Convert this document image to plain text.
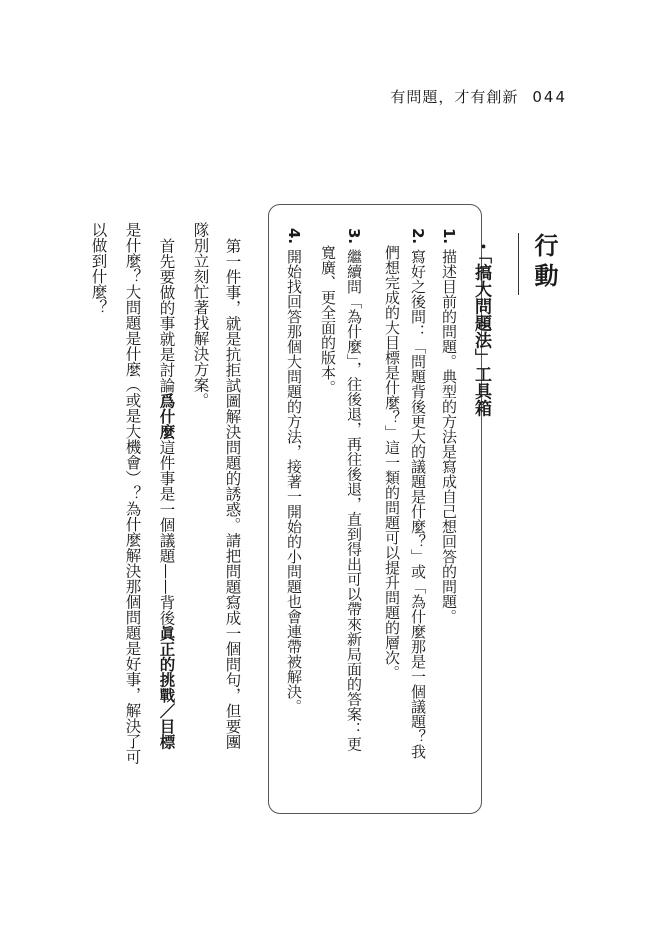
有問題，才有創新 044
行動
・「搞大問題法」工具箱
1. 描述目前的問題。典型的方法是寫成自己想回答的問題。
2. 寫好之後問：「問題背後更大的議題是什麼？」或「為什麼那是一個議題？我
們想完成的大目標是什麼？」這一類的問題可以提升問題的層次。
3. 繼續問「為什麼」，往後退，再往後退，直到得出可以帶來新局面的答案：更
寬廣、更全面的版本。
4. 開始找回答那個大問題的方法，接著一開始的小問題也會連帶被解決。
第一件事，就是抗拒試圖解決問題的誘惑。請把問題寫成一個問句，但要團
隊別立刻忙著找解決方案。
首先要做的事就是討論爲什麼這件事是一個議題——背後眞正的挑戰／目標
是什麼？大問題是什麼（或是大機會）？為什麼解決那個問題是好事，解決了可
以做到什麼？
